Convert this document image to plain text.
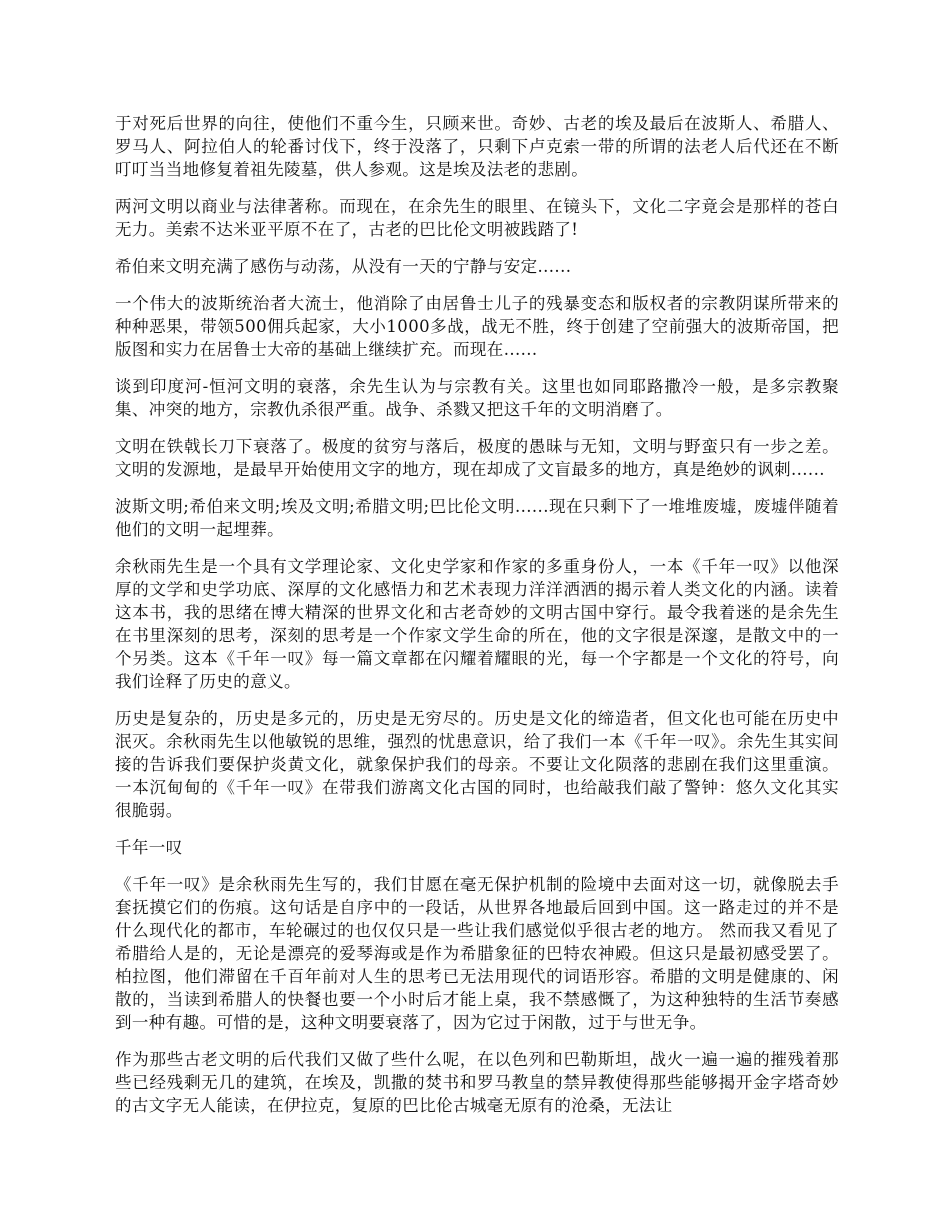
于对死后世界的向往，使他们不重今生，只顾来世。奇妙、古老的埃及最后在波斯人、希腊人、罗马人、阿拉伯人的轮番讨伐下，终于没落了，只剩下卢克索一带的所谓的法老人后代还在不断叮叮当当地修复着祖先陵墓，供人参观。这是埃及法老的悲剧。

两河文明以商业与法律著称。而现在，在余先生的眼里、在镜头下，文化二字竟会是那样的苍白无力。美索不达米亚平原不在了，古老的巴比伦文明被践踏了!

希伯来文明充满了感伤与动荡，从没有一天的宁静与安定......

一个伟大的波斯统治者大流士，他消除了由居鲁士儿子的残暴变态和版权者的宗教阴谋所带来的种种恶果，带领500佣兵起家，大小1000多战，战无不胜，终于创建了空前强大的波斯帝国，把版图和实力在居鲁士大帝的基础上继续扩充。而现在......

谈到印度河-恒河文明的衰落，余先生认为与宗教有关。这里也如同耶路撒冷一般，是多宗教聚集、冲突的地方，宗教仇杀很严重。战争、杀戮又把这千年的文明消磨了。

文明在铁戟长刀下衰落了。极度的贫穷与落后，极度的愚昧与无知，文明与野蛮只有一步之差。文明的发源地，是最早开始使用文字的地方，现在却成了文盲最多的地方，真是绝妙的讽刺......

波斯文明;希伯来文明;埃及文明;希腊文明;巴比伦文明......现在只剩下了一堆堆废墟，废墟伴随着他们的文明一起埋葬。

余秋雨先生是一个具有文学理论家、文化史学家和作家的多重身份人，一本《千年一叹》以他深厚的文学和史学功底、深厚的文化感悟力和艺术表现力洋洋洒洒的揭示着人类文化的内涵。读着这本书，我的思绪在博大精深的世界文化和古老奇妙的文明古国中穿行。最令我着迷的是余先生在书里深刻的思考，深刻的思考是一个作家文学生命的所在，他的文字很是深邃，是散文中的一个另类。这本《千年一叹》每一篇文章都在闪耀着耀眼的光，每一个字都是一个文化的符号，向我们诠释了历史的意义。

历史是复杂的，历史是多元的，历史是无穷尽的。历史是文化的缔造者，但文化也可能在历史中泯灭。余秋雨先生以他敏锐的思维，强烈的忧患意识，给了我们一本《千年一叹》。余先生其实间接的告诉我们要保护炎黄文化，就象保护我们的母亲。不要让文化陨落的悲剧在我们这里重演。一本沉甸甸的《千年一叹》在带我们游离文化古国的同时，也给敲我们敲了警钟：悠久文化其实很脆弱。

千年一叹

《千年一叹》是余秋雨先生写的，我们甘愿在毫无保护机制的险境中去面对这一切，就像脱去手套抚摸它们的伤痕。这句话是自序中的一段话，从世界各地最后回到中国。这一路走过的并不是什么现代化的都市，车轮碾过的也仅仅只是一些让我们感觉似乎很古老的地方。 然而我又看见了希腊给人是的，无论是漂亮的爱琴海或是作为希腊象征的巴特农神殿。但这只是最初感受罢了。柏拉图，他们滞留在千百年前对人生的思考已无法用现代的词语形容。希腊的文明是健康的、闲散的，当读到希腊人的快餐也要一个小时后才能上桌，我不禁感慨了，为这种独特的生活节奏感到一种有趣。可惜的是，这种文明要衰落了，因为它过于闲散，过于与世无争。

作为那些古老文明的后代我们又做了些什么呢，在以色列和巴勒斯坦，战火一遍一遍的摧残着那些已经残剩无几的建筑，在埃及，凯撒的焚书和罗马教皇的禁异教使得那些能够揭开金字塔奇妙的古文字无人能读，在伊拉克，复原的巴比伦古城毫无原有的沧桑，无法让
